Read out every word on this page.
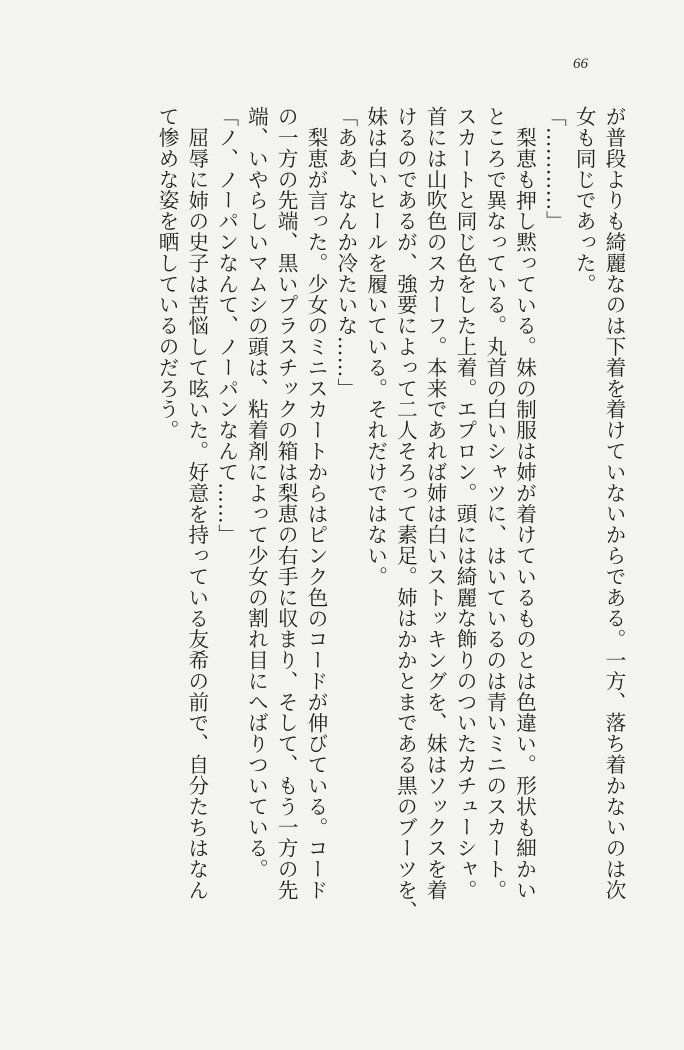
66
が普段よりも綺麗なのは下着を着けていないからである。一方、落ち着かないのは次
女も同じであった。
「…………」
梨恵も押し黙っている。妹の制服は姉が着けているものとは色違い。形状も細かい
ところで異なっている。丸首の白いシャツに、はいているのは青いミニのスカート。
スカートと同じ色をした上着。エプロン。頭には綺麗な飾りのついたカチューシャ。
首には山吹色のスカーフ。本来であれば姉は白いストッキングを、妹はソックスを着
けるのであるが、強要によって二人そろって素足。姉はかかとまである黒のブーツを、
妹は白いヒールを履いている。それだけではない。
「ああ、なんか冷たいな……」
梨恵が言った。少女のミニスカートからはピンク色のコードが伸びている。コード
の一方の先端、黒いプラスチックの箱は梨恵の右手に収まり、そして、もう一方の先
端、いやらしいマムシの頭は、粘着剤によって少女の割れ目にへばりついている。
「ノ、ノーパンなんて、ノーパンなんて……」
屈辱に姉の史子は苦悩して呟いた。好意を持っている友希の前で、自分たちはなん
て惨めな姿を晒しているのだろう。
